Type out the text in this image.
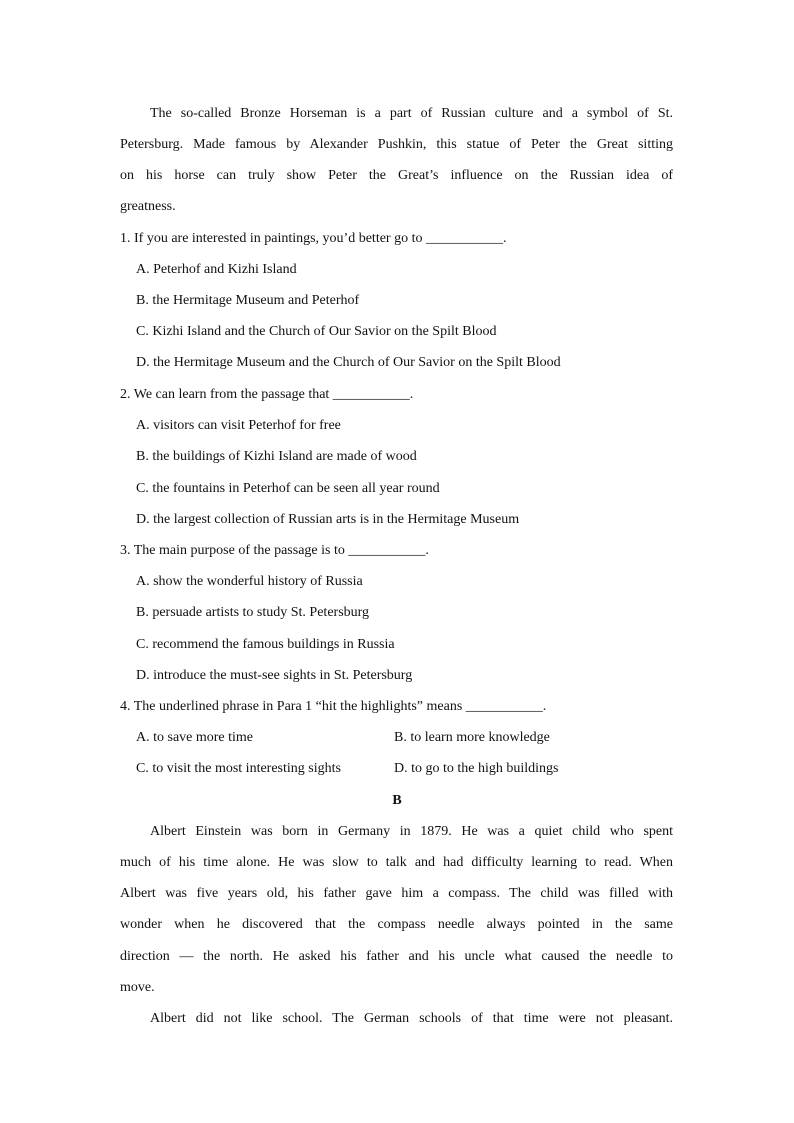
The so-called Bronze Horseman is a part of Russian culture and a symbol of St.
Petersburg. Made famous by Alexander Pushkin, this statue of Peter the Great sitting
on his horse can truly show Peter the Great’s influence on the Russian idea of
greatness.
1. If you are interested in paintings, you’d better go to ___________.
A. Peterhof and Kizhi Island
B. the Hermitage Museum and Peterhof
C. Kizhi Island and the Church of Our Savior on the Spilt Blood
D. the Hermitage Museum and the Church of Our Savior on the Spilt Blood
2. We can learn from the passage that ___________.
A. visitors can visit Peterhof for free
B. the buildings of Kizhi Island are made of wood
C. the fountains in Peterhof can be seen all year round
D. the largest collection of Russian arts is in the Hermitage Museum
3. The main purpose of the passage is to ___________.
A. show the wonderful history of Russia
B. persuade artists to study St. Petersburg
C. recommend the famous buildings in Russia
D. introduce the must-see sights in St. Petersburg
4. The underlined phrase in Para 1 “hit the highlights” means ___________.
A. to save more time	B. to learn more knowledge
C. to visit the most interesting sights	D. to go to the high buildings
B
Albert Einstein was born in Germany in 1879. He was a quiet child who spent
much of his time alone. He was slow to talk and had difficulty learning to read. When
Albert was five years old, his father gave him a compass. The child was filled with
wonder when he discovered that the compass needle always pointed in the same
direction — the north. He asked his father and his uncle what caused the needle to
move.
Albert did not like school. The German schools of that time were not pleasant.
